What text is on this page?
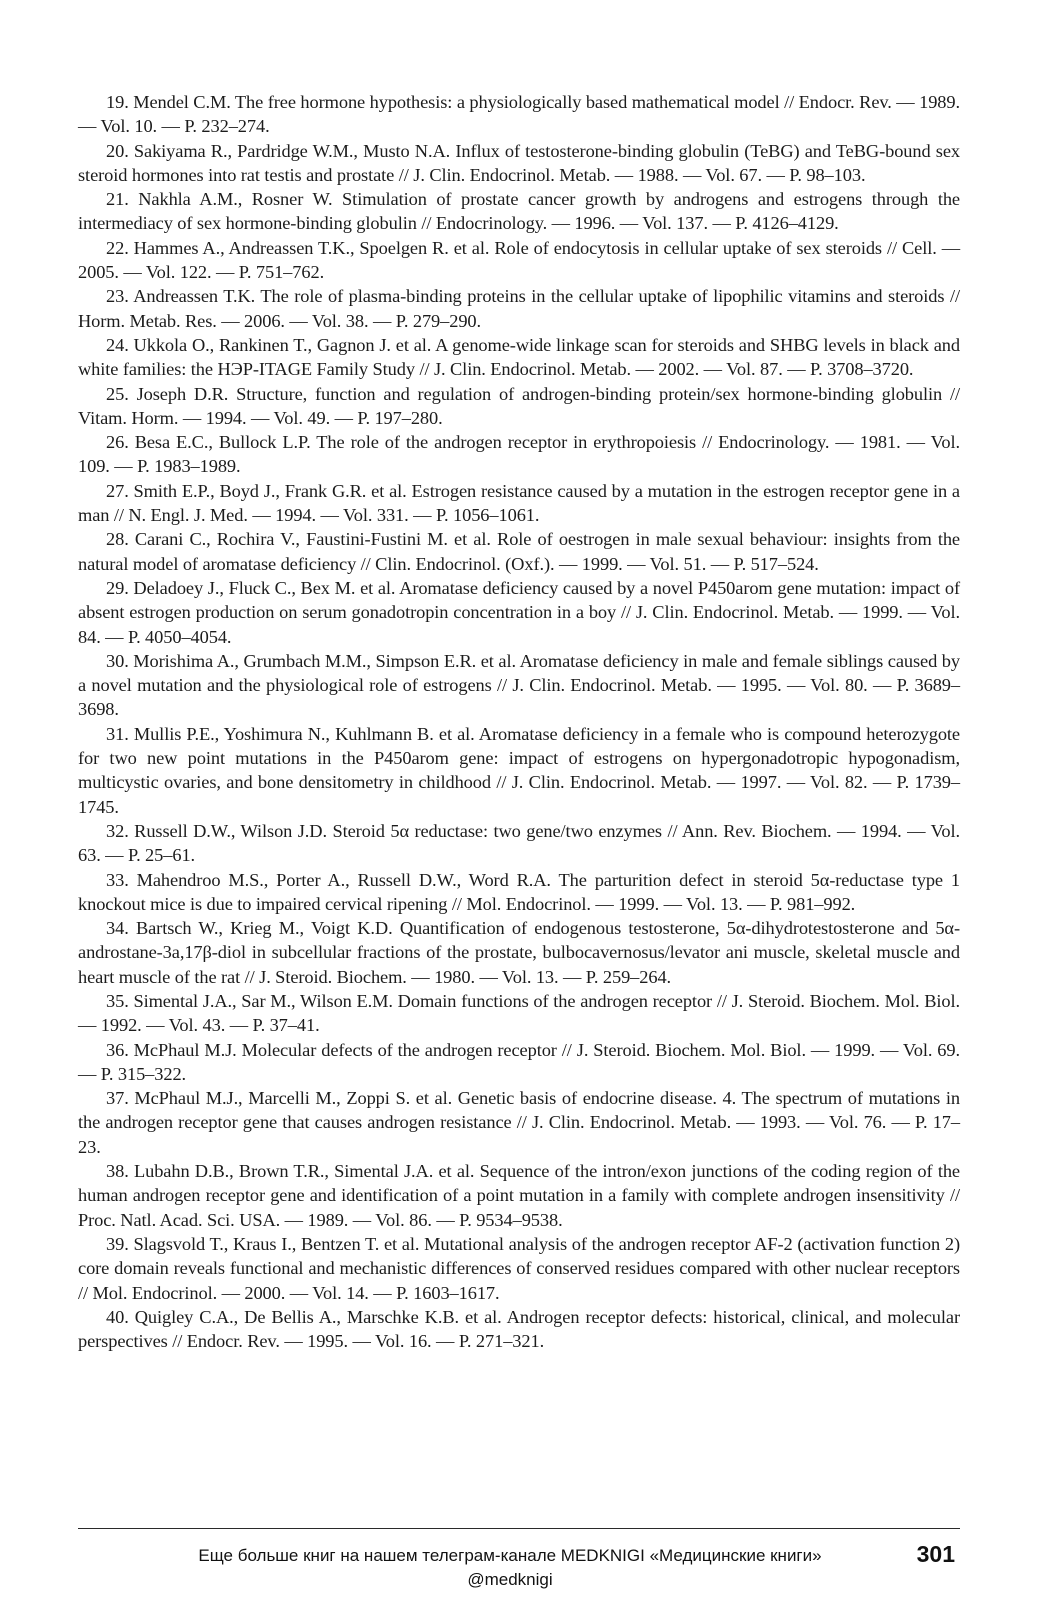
19. Mendel C.M. The free hormone hypothesis: a physiologically based mathematical model // Endocr. Rev. — 1989. — Vol. 10. — P. 232–274.

20. Sakiyama R., Pardridge W.M., Musto N.A. Influx of testosterone-binding globulin (TeBG) and TeBG-bound sex steroid hormones into rat testis and prostate // J. Clin. Endocrinol. Metab. — 1988. — Vol. 67. — P. 98–103.

21. Nakhla A.M., Rosner W. Stimulation of prostate cancer growth by androgens and estrogens through the intermediacy of sex hormone-binding globulin // Endocrinology. — 1996. — Vol. 137. — P. 4126–4129.

22. Hammes A., Andreassen T.K., Spoelgen R. et al. Role of endocytosis in cellular uptake of sex steroids // Cell. — 2005. — Vol. 122. — P. 751–762.

23. Andreassen T.K. The role of plasma-binding proteins in the cellular uptake of lipophilic vitamins and steroids // Horm. Metab. Res. — 2006. — Vol. 38. — P. 279–290.

24. Ukkola O., Rankinen T., Gagnon J. et al. A genome-wide linkage scan for steroids and SHBG levels in black and white families: the НЭР-ITAGE Family Study // J. Clin. Endocrinol. Metab. — 2002. — Vol. 87. — P. 3708–3720.

25. Joseph D.R. Structure, function and regulation of androgen-binding protein/sex hormone-binding globulin // Vitam. Horm. — 1994. — Vol. 49. — P. 197–280.

26. Besa E.C., Bullock L.P. The role of the androgen receptor in erythropoiesis // Endocrinology. — 1981. — Vol. 109. — P. 1983–1989.

27. Smith E.P., Boyd J., Frank G.R. et al. Estrogen resistance caused by a mutation in the estrogen receptor gene in a man // N. Engl. J. Med. — 1994. — Vol. 331. — P. 1056–1061.

28. Carani C., Rochira V., Faustini-Fustini M. et al. Role of oestrogen in male sexual behaviour: insights from the natural model of aromatase deficiency // Clin. Endocrinol. (Oxf.). — 1999. — Vol. 51. — P. 517–524.

29. Deladoey J., Fluck C., Bex M. et al. Aromatase deficiency caused by a novel P450arom gene mutation: impact of absent estrogen production on serum gonadotropin concentration in a boy // J. Clin. Endocrinol. Metab. — 1999. — Vol. 84. — P. 4050–4054.

30. Morishima A., Grumbach M.M., Simpson E.R. et al. Aromatase deficiency in male and female siblings caused by a novel mutation and the physiological role of estrogens // J. Clin. Endocrinol. Metab. — 1995. — Vol. 80. — P. 3689–3698.

31. Mullis P.E., Yoshimura N., Kuhlmann B. et al. Aromatase deficiency in a female who is compound heterozygote for two new point mutations in the P450arom gene: impact of estrogens on hypergonadotropic hypogonadism, multicystic ovaries, and bone densitometry in childhood // J. Clin. Endocrinol. Metab. — 1997. — Vol. 82. — P. 1739–1745.

32. Russell D.W., Wilson J.D. Steroid 5α reductase: two gene/two enzymes // Ann. Rev. Biochem. — 1994. — Vol. 63. — P. 25–61.

33. Mahendroo M.S., Porter A., Russell D.W., Word R.A. The parturition defect in steroid 5α-reductase type 1 knockout mice is due to impaired cervical ripening // Mol. Endocrinol. — 1999. — Vol. 13. — P. 981–992.

34. Bartsch W., Krieg M., Voigt K.D. Quantification of endogenous testosterone, 5α-dihydrotestosterone and 5α-androstane-3a,17β-diol in subcellular fractions of the prostate, bulbocavernosus/levator ani muscle, skeletal muscle and heart muscle of the rat // J. Steroid. Biochem. — 1980. — Vol. 13. — P. 259–264.

35. Simental J.A., Sar M., Wilson E.M. Domain functions of the androgen receptor // J. Steroid. Biochem. Mol. Biol. — 1992. — Vol. 43. — P. 37–41.

36. McPhaul M.J. Molecular defects of the androgen receptor // J. Steroid. Biochem. Mol. Biol. — 1999. — Vol. 69. — P. 315–322.

37. McPhaul M.J., Marcelli M., Zoppi S. et al. Genetic basis of endocrine disease. 4. The spectrum of mutations in the androgen receptor gene that causes androgen resistance // J. Clin. Endocrinol. Metab. — 1993. — Vol. 76. — P. 17–23.

38. Lubahn D.B., Brown T.R., Simental J.A. et al. Sequence of the intron/exon junctions of the coding region of the human androgen receptor gene and identification of a point mutation in a family with complete androgen insensitivity // Proc. Natl. Acad. Sci. USA. — 1989. — Vol. 86. — P. 9534–9538.

39. Slagsvold T., Kraus I., Bentzen T. et al. Mutational analysis of the androgen receptor AF-2 (activation function 2) core domain reveals functional and mechanistic differences of conserved residues compared with other nuclear receptors // Mol. Endocrinol. — 2000. — Vol. 14. — P. 1603–1617.

40. Quigley C.A., De Bellis A., Marschke K.B. et al. Androgen receptor defects: historical, clinical, and molecular perspectives // Endocr. Rev. — 1995. — Vol. 16. — P. 271–321.

Еще больше книг на нашем телеграм-канале MEDKNIGI «Медицинские книги»
@medknigi
301
